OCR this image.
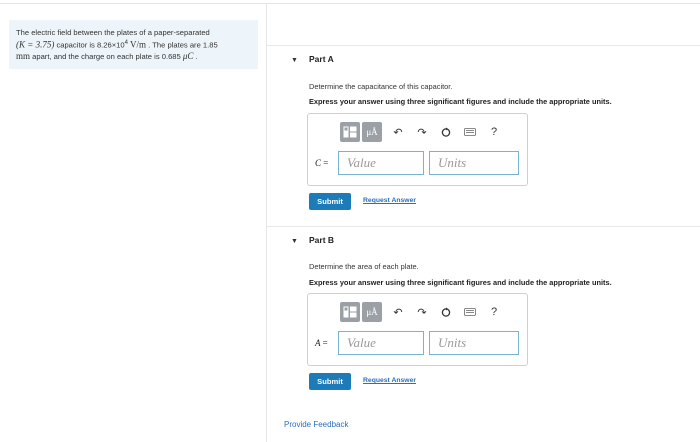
The electric field between the plates of a paper-separated
(K = 3.75) capacitor is $8.26\times 10^4$ V/m . The plates are 1.85
mm apart, and the charge on each plate is 0.685 μC .	▼ Part A
Determine the capacitance of this capacitor.
Express your answer using three significant figures and include the appropriate units.
μÅ	↶	↷	?
C =	Value	Units
Submit	Request Answer
▼ Part B
Determine the area of each plate.
Express your answer using three significant figures and include the appropriate units.
μÅ	↶	↷	?
A =	Value	Units
Submit	Request Answer
Provide Feedback
